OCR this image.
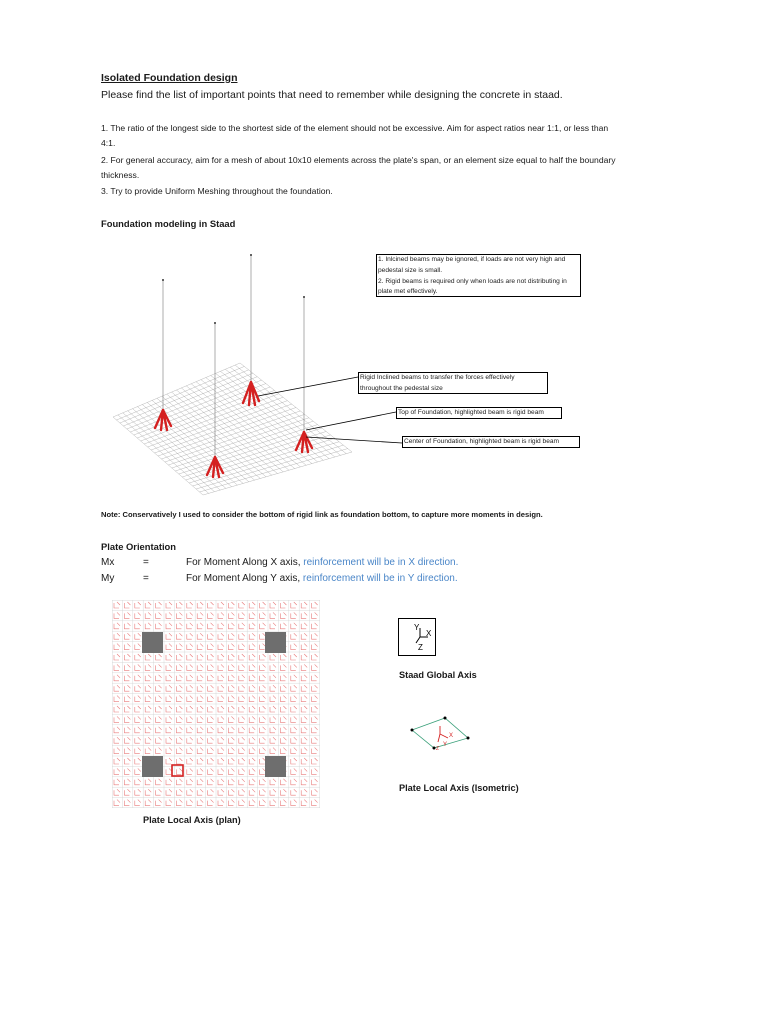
Isolated Foundation design
Please find the list of important points that need to remember while designing the concrete in staad.
1. The ratio of the longest side to the shortest side of the element should not be excessive. Aim for aspect ratios near 1:1, or less than 4:1.
2. For general accuracy, aim for a mesh of about 10x10 elements across the plate's span, or an element size equal to half the boundary thickness.
3. Try to provide Uniform Meshing throughout the foundation.
Foundation modeling in Staad
1. Inlcined beams may be ignored, if loads are not very high and pedestal size is small.
2. Rigid beams is required only when loads are not distributing in plate met effectively.
Rigid Inclined beams to transfer the forces effectively throughout the pedestal size
Top of Foundation, highlighted beam is rigid beam
Center of Foundation, highlighted beam is rigid beam
Note: Conservatively I used to consider the bottom of rigid link as foundation bottom, to capture more moments in design.
Plate Orientation
Mx	=	For Moment Along X axis, reinforcement will be in X direction.
My	=	For Moment Along Y axis, reinforcement will be in Y direction.
Plate Local Axis (plan)
Y
X
Z
Staad Global Axis
X
Y
Z
Plate Local Axis (Isometric)
